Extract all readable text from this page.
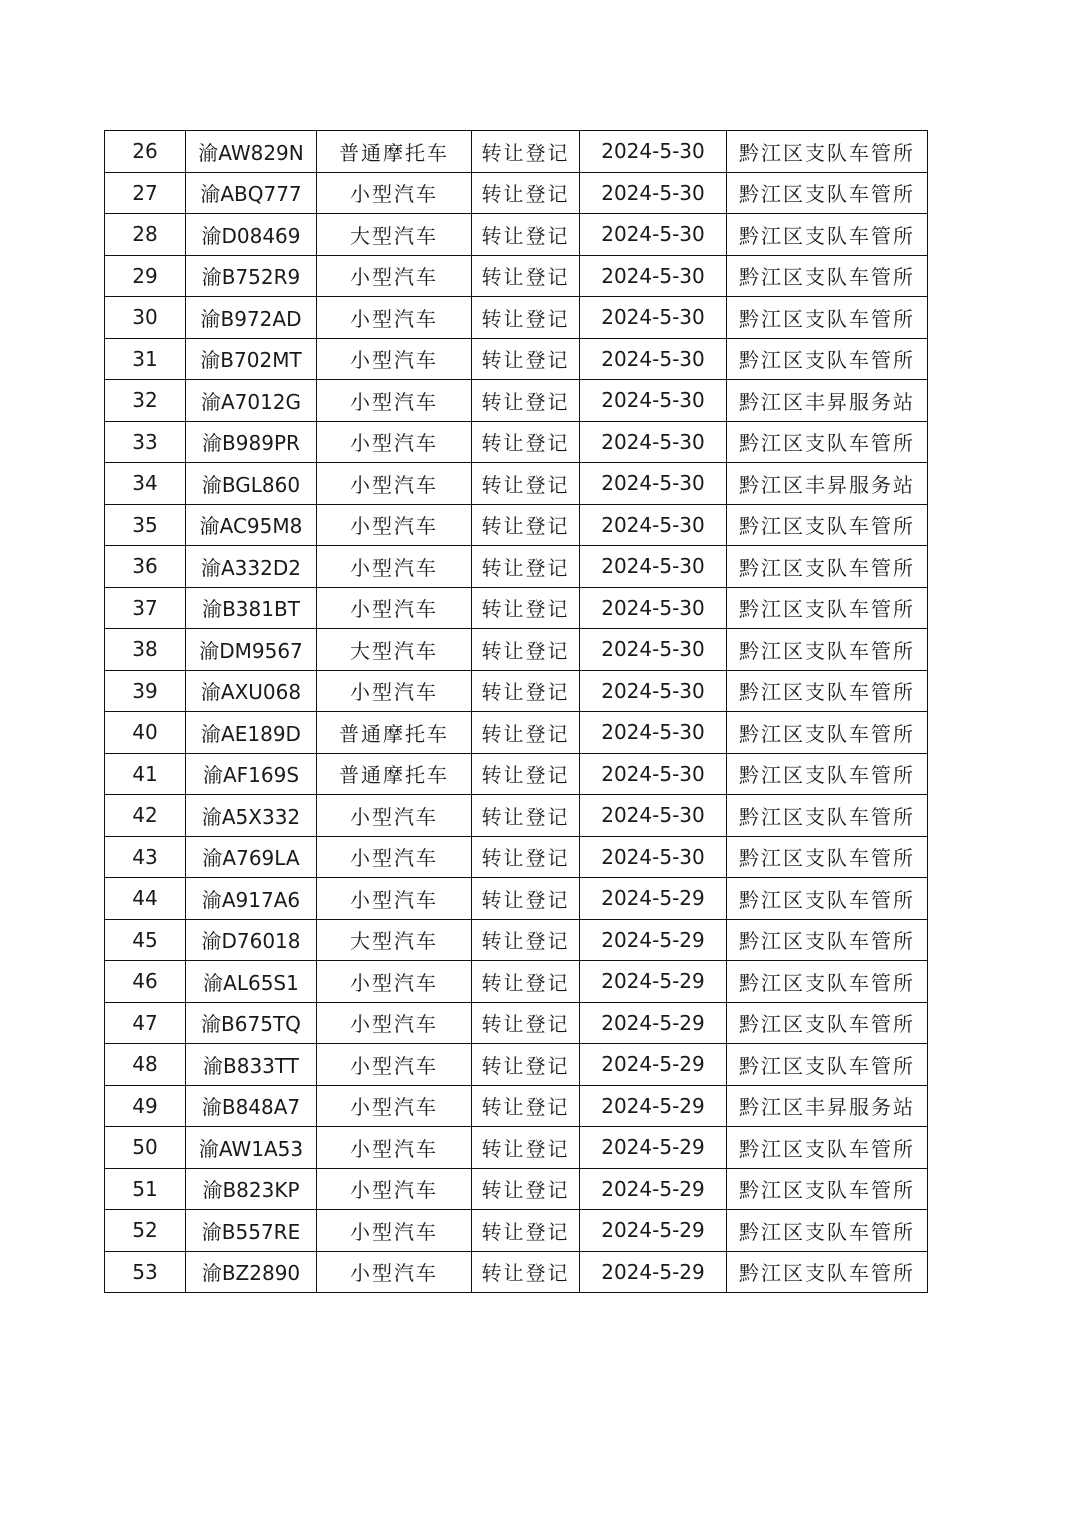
26	渝AW829N	普通摩托车	转让登记	2024-5-30	黔江区支队车管所
27	渝ABQ777	小型汽车	转让登记	2024-5-30	黔江区支队车管所
28	渝D08469	大型汽车	转让登记	2024-5-30	黔江区支队车管所
29	渝B752R9	小型汽车	转让登记	2024-5-30	黔江区支队车管所
30	渝B972AD	小型汽车	转让登记	2024-5-30	黔江区支队车管所
31	渝B702MT	小型汽车	转让登记	2024-5-30	黔江区支队车管所
32	渝A7012G	小型汽车	转让登记	2024-5-30	黔江区丰昇服务站
33	渝B989PR	小型汽车	转让登记	2024-5-30	黔江区支队车管所
34	渝BGL860	小型汽车	转让登记	2024-5-30	黔江区丰昇服务站
35	渝AC95M8	小型汽车	转让登记	2024-5-30	黔江区支队车管所
36	渝A332D2	小型汽车	转让登记	2024-5-30	黔江区支队车管所
37	渝B381BT	小型汽车	转让登记	2024-5-30	黔江区支队车管所
38	渝DM9567	大型汽车	转让登记	2024-5-30	黔江区支队车管所
39	渝AXU068	小型汽车	转让登记	2024-5-30	黔江区支队车管所
40	渝AE189D	普通摩托车	转让登记	2024-5-30	黔江区支队车管所
41	渝AF169S	普通摩托车	转让登记	2024-5-30	黔江区支队车管所
42	渝A5X332	小型汽车	转让登记	2024-5-30	黔江区支队车管所
43	渝A769LA	小型汽车	转让登记	2024-5-30	黔江区支队车管所
44	渝A917A6	小型汽车	转让登记	2024-5-29	黔江区支队车管所
45	渝D76018	大型汽车	转让登记	2024-5-29	黔江区支队车管所
46	渝AL65S1	小型汽车	转让登记	2024-5-29	黔江区支队车管所
47	渝B675TQ	小型汽车	转让登记	2024-5-29	黔江区支队车管所
48	渝B833TT	小型汽车	转让登记	2024-5-29	黔江区支队车管所
49	渝B848A7	小型汽车	转让登记	2024-5-29	黔江区丰昇服务站
50	渝AW1A53	小型汽车	转让登记	2024-5-29	黔江区支队车管所
51	渝B823KP	小型汽车	转让登记	2024-5-29	黔江区支队车管所
52	渝B557RE	小型汽车	转让登记	2024-5-29	黔江区支队车管所
53	渝BZ2890	小型汽车	转让登记	2024-5-29	黔江区支队车管所
